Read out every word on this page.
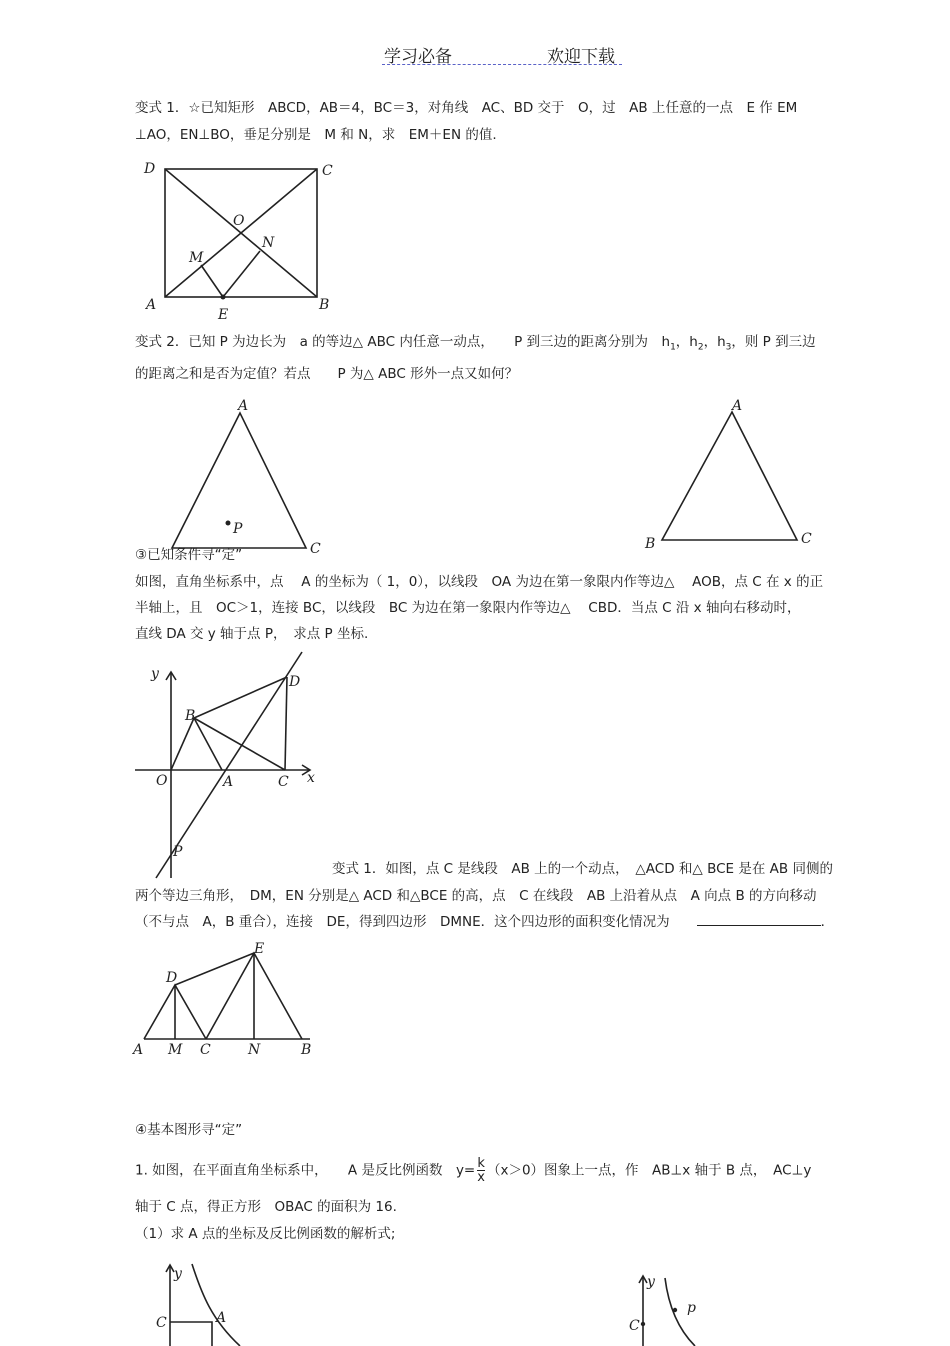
学习必备	欢迎下载
变式 1．☆已知矩形　ABCD，AB＝4，BC＝3，对角线　AC、BD 交于　O，过　AB 上任意的一点　E 作 EM
⊥AO，EN⊥BO，垂足分别是　M 和 N，求　EM＋EN 的值.
D	C
O
N
M
A	B
E
变式 2．已知 P 为边长为　a 的等边△ ABC 内任意一动点，　　P 到三边的距离分别为　$h_1$，$h_2$，$h_3$，则 P 到三边
的距离之和是否为定值？若点　　P 为△ ABC 形外一点又如何？
A
P
C
A
B	C
③已知条件寻“定”
如图，直角坐标系中，点　 A 的坐标为（ 1，0），以线段　OA 为边在第一象限内作等边△　 AOB，点 C 在 x 的正
半轴上，且　OC＞1，连接 BC，以线段　BC 为边在第一象限内作等边△　 CBD．当点 C 沿 x 轴向右移动时，
直线 DA 交 y 轴于点 P，　求点 P 坐标.
y	D
B
O	A	C x
P
变式 1．如图，点 C 是线段　AB 上的一个动点，　△ACD 和△ BCE 是在 AB 同侧的
两个等边三角形，　DM，EN 分别是△ ACD 和△BCE 的高，点　C 在线段　AB 上沿着从点　A 向点 B 的方向移动
（不与点　A，B 重合），连接　DE，得到四边形　DMNE．这个四边形的面积变化情况为　　	．
E
D
A M C	N	B
④基本图形寻“定”
1. 如图，在平面直角坐标系中，　　A 是反比例函数　$y= \frac{k}{x} (x>0)$图象上一点，作　AB⊥x 轴于 B 点，　AC⊥y
轴于 C 点，得正方形　OBAC 的面积为 16.
（1）求 A 点的坐标及反比例函数的解析式;
y
C	A
y
p
C
